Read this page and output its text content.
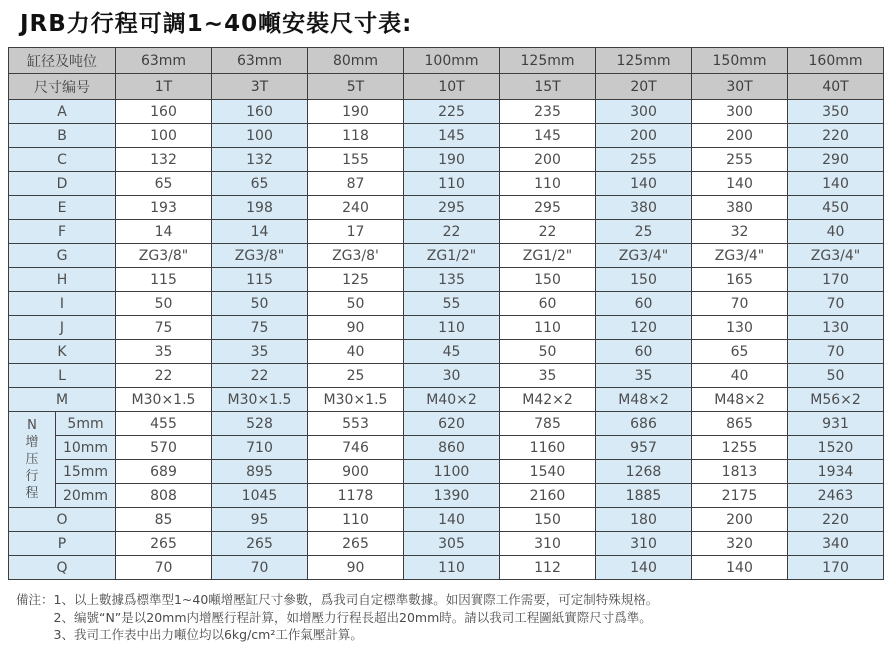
JRB力行程可調1~40噸安裝尺寸表:
缸径及吨位		63mm	63mm	80mm	100mm	125mm	125mm	150mm	160mm
尺寸编号		1T	3T	5T	10T	15T	20T	30T	40T
A		160	160	190	225	235	300	300	350
B		100	100	118	145	145	200	200	220
C		132	132	155	190	200	255	255	290
D		65	65	87	110	110	140	140	140
E		193	198	240	295	295	380	380	450
F		14	14	17	22	22	25	32	40
G		ZG3/8"	ZG3/8"	ZG3/8'	ZG1/2"	ZG1/2"	ZG3/4"	ZG3/4"	ZG3/4"
H		115	115	125	135	150	150	165	170
I		50	50	50	55	60	60	70	70
J		75	75	90	110	110	120	130	130
K		35	35	40	45	50	60	65	70
L		22	22	25	30	35	35	40	50
M		M30×1.5	M30×1.5	M30×1.5	M40×2	M42×2	M48×2	M48×2	M56×2

N
增
压
行
程	5mm	455	528	553	620	785	686	865	931
	10mm	570	710	746	860	1160	957	1255	1520
	15mm	689	895	900	1100	1540	1268	1813	1934
	20mm	808	1045	1178	1390	2160	1885	2175	2463
O		85	95	110	140	150	180	200	220
P		265	265	265	305	310	310	320	340
Q		70	70	90	110	112	140	140	170
備注： 1、以上數據爲標準型1~40噸增壓缸尺寸參數，爲我司自定標準數據。如因實際工作需要，可定制特殊規格。
2、编號“N”是以20mm内增壓行程計算，如增壓力行程長超出20mm時。請以我司工程圖紙實際尺寸爲準。
3、我司工作表中出力噸位均以6kg/cm²工作氣壓計算。
